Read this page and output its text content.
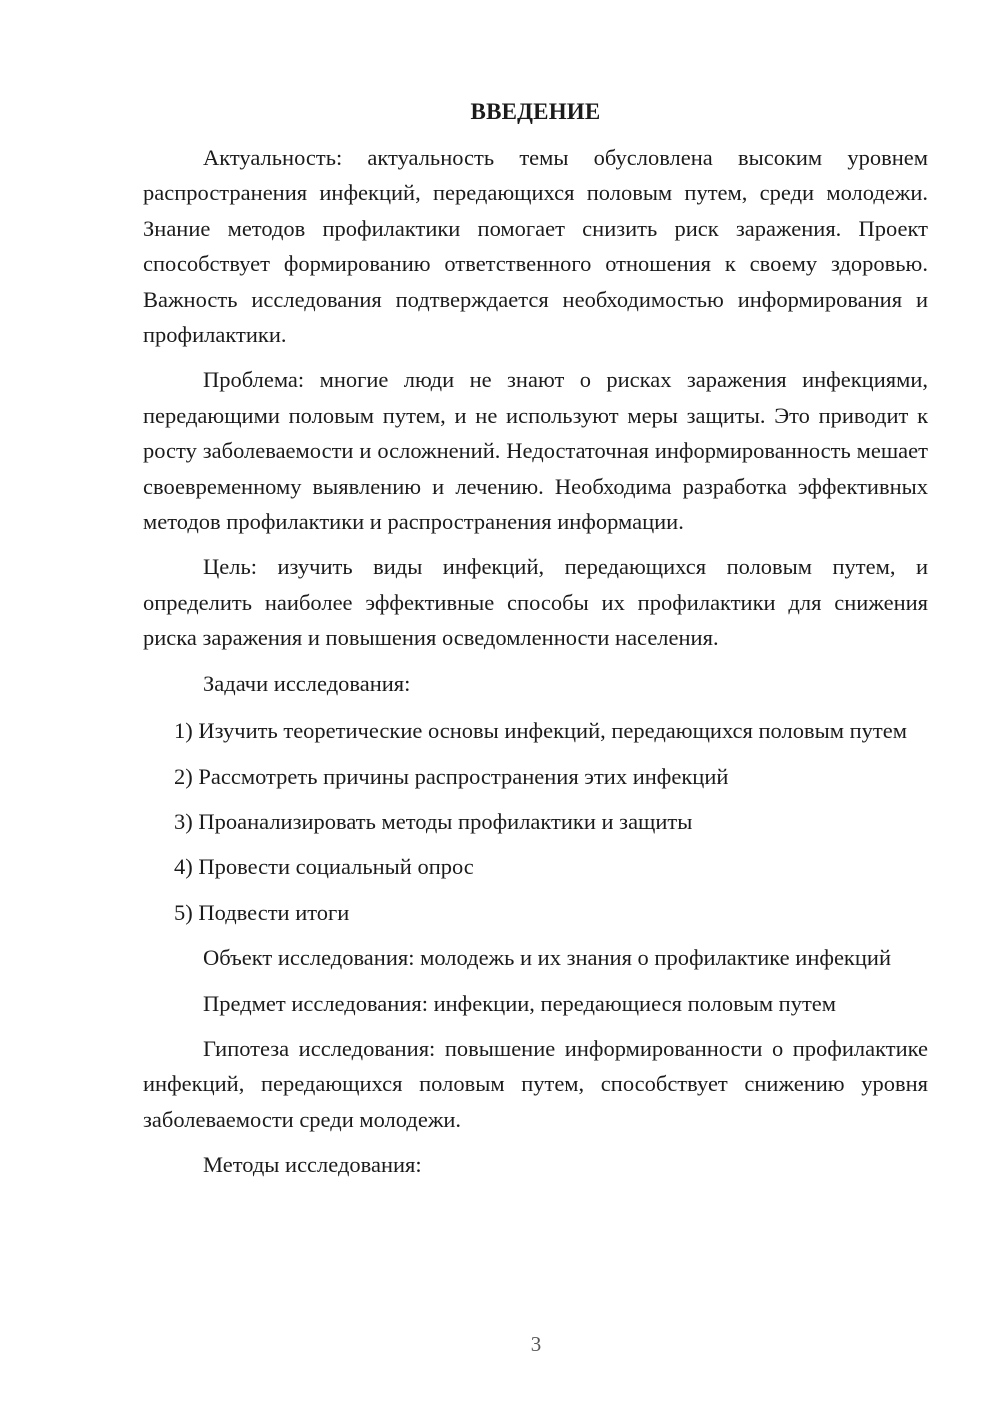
ВВЕДЕНИЕ

Актуальность: актуальность темы обусловлена высоким уровнем распространения инфекций, передающихся половым путем, среди молодежи. Знание методов профилактики помогает снизить риск заражения. Проект способствует формированию ответственного отношения к своему здоровью. Важность исследования подтверждается необходимостью информирования и профилактики.

Проблема: многие люди не знают о рисках заражения инфекциями, передающими половым путем, и не используют меры защиты. Это приводит к росту заболеваемости и осложнений. Недостаточная информированность мешает своевременному выявлению и лечению. Необходима разработка эффективных методов профилактики и распространения информации.

Цель: изучить виды инфекций, передающихся половым путем, и определить наиболее эффективные способы их профилактики для снижения риска заражения и повышения осведомленности населения.

Задачи исследования:

1) Изучить теоретические основы инфекций, передающихся половым путем

2) Рассмотреть причины распространения этих инфекций

3) Проанализировать методы профилактики и защиты

4) Провести социальный опрос

5) Подвести итоги

Объект исследования: молодежь и их знания о профилактике инфекций

Предмет исследования: инфекции, передающиеся половым путем

Гипотеза исследования: повышение информированности о профилактике инфекций, передающихся половым путем, способствует снижению уровня заболеваемости среди молодежи.

Методы исследования:

3
